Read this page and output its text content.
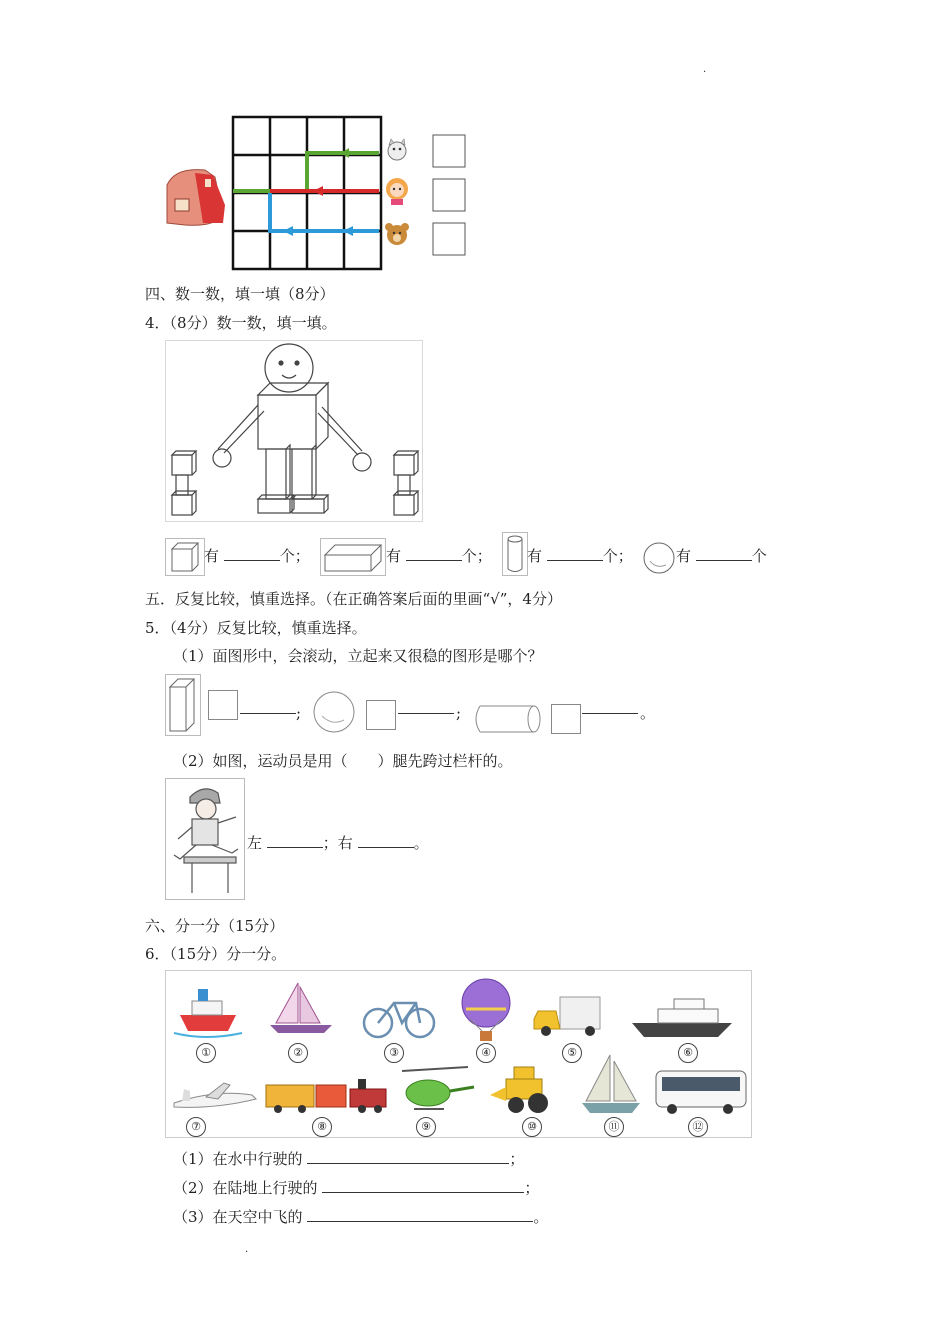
.
四、数一数，填一填（8分）
4．（8分）数一数，填一填。
有	个；	有	个； 有	个；	有	个
五．反复比较，慎重选择。（在正确答案后面的里画“√”，4分）
5．（4分）反复比较，慎重选择。
（1）面图形中，会滚动，立起来又很稳的图形是哪个？
;	;	。
（2）如图，运动员是用（　　）腿先跨过栏杆的。
左	；右	。
六、分一分（15分）
6．（15分）分一分。
①	②	③	④	⑤	⑥
⑦	⑧	⑨	⑩	⑪	⑫
（1）在水中行驶的	；
（2）在陆地上行驶的	；
（3）在天空中飞的	。
.
